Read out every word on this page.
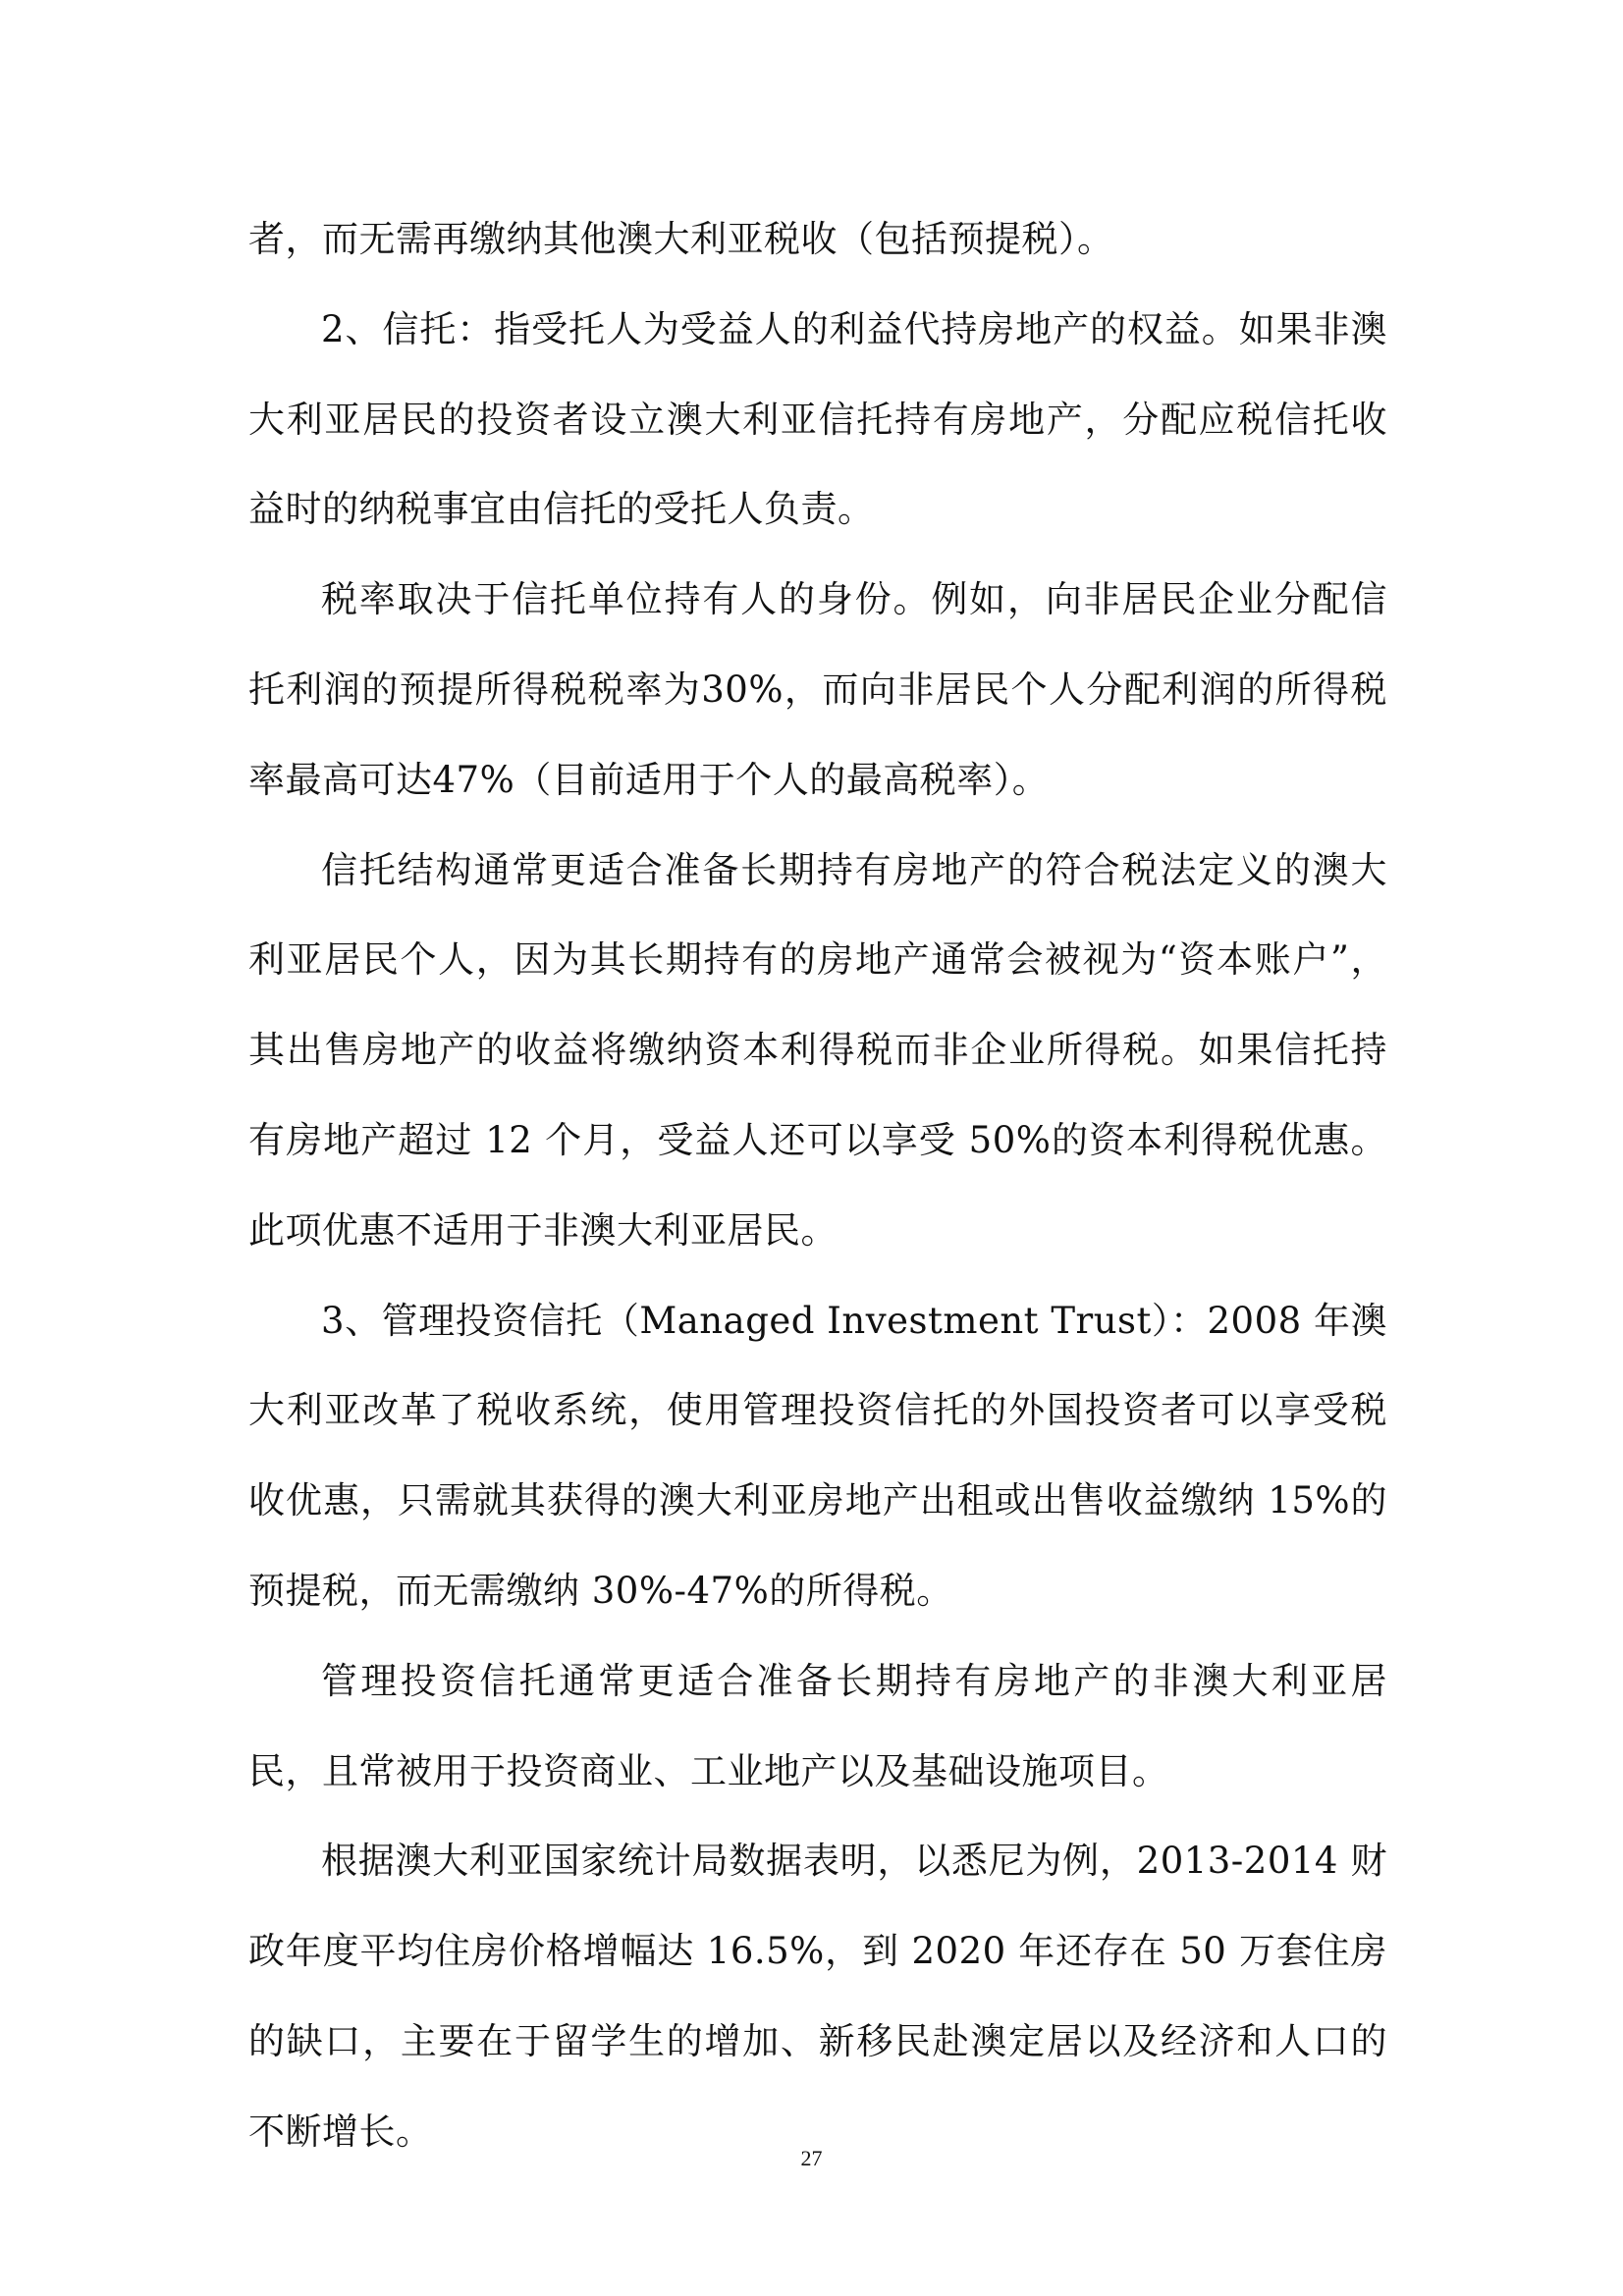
者，而无需再缴纳其他澳大利亚税收（包括预提税）。

2、信托：指受托人为受益人的利益代持房地产的权益。如果非澳大利亚居民的投资者设立澳大利亚信托持有房地产，分配应税信托收益时的纳税事宜由信托的受托人负责。

税率取决于信托单位持有人的身份。例如，向非居民企业分配信托利润的预提所得税税率为30%，而向非居民个人分配利润的所得税率最高可达47%（目前适用于个人的最高税率）。

信托结构通常更适合准备长期持有房地产的符合税法定义的澳大利亚居民个人，因为其长期持有的房地产通常会被视为“资本账户”，其出售房地产的收益将缴纳资本利得税而非企业所得税。如果信托持有房地产超过 12 个月，受益人还可以享受 50%的资本利得税优惠。此项优惠不适用于非澳大利亚居民。

3、管理投资信托（Managed Investment Trust）：2008 年澳大利亚改革了税收系统，使用管理投资信托的外国投资者可以享受税收优惠，只需就其获得的澳大利亚房地产出租或出售收益缴纳 15%的预提税，而无需缴纳 30%-47%的所得税。

管理投资信托通常更适合准备长期持有房地产的非澳大利亚居民，且常被用于投资商业、工业地产以及基础设施项目。

根据澳大利亚国家统计局数据表明，以悉尼为例，2013-2014 财政年度平均住房价格增幅达 16.5%，到 2020 年还存在 50 万套住房的缺口，主要在于留学生的增加、新移民赴澳定居以及经济和人口的不断增长。

27
